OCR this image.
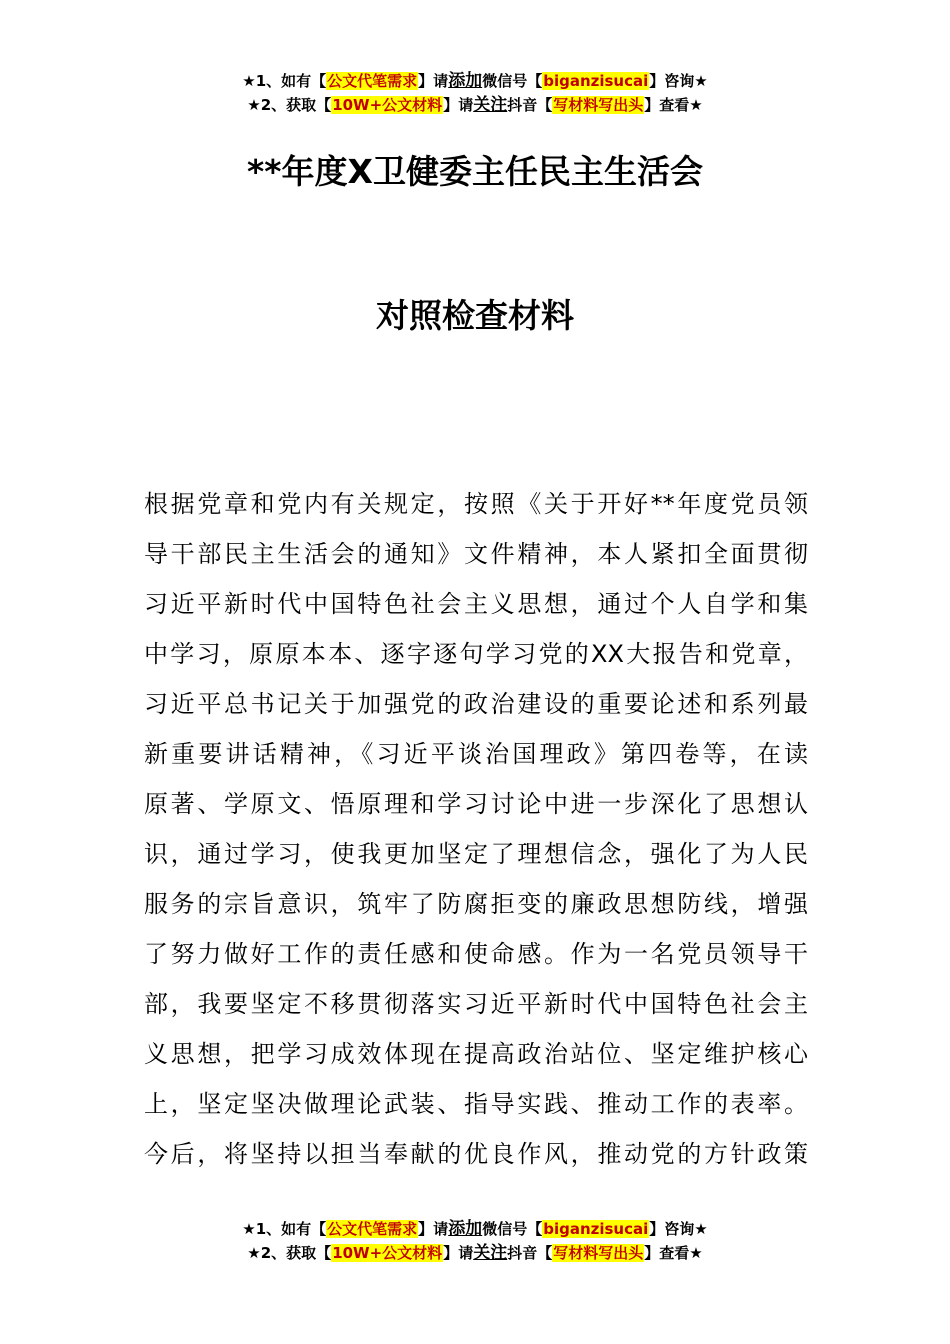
★1、如有【公文代笔需求】请添加微信号【biganzisucai】咨询★
★2、获取【10W+公文材料】请关注抖音【写材料写出头】查看★
**年度X卫健委主任民主生活会
对照检查材料
根据党章和党内有关规定，按照《关于开好**年度党员领
导干部民主生活会的通知》文件精神，本人紧扣全面贯彻
习近平新时代中国特色社会主义思想，通过个人自学和集
中学习，原原本本、逐字逐句学习党的XX大报告和党章，
习近平总书记关于加强党的政治建设的重要论述和系列最
新重要讲话精神，《习近平谈治国理政》第四卷等，在读
原著、学原文、悟原理和学习讨论中进一步深化了思想认
识，通过学习，使我更加坚定了理想信念，强化了为人民
服务的宗旨意识，筑牢了防腐拒变的廉政思想防线，增强
了努力做好工作的责任感和使命感。作为一名党员领导干
部，我要坚定不移贯彻落实习近平新时代中国特色社会主
义思想，把学习成效体现在提高政治站位、坚定维护核心
上，坚定坚决做理论武装、指导实践、推动工作的表率。
今后，将坚持以担当奉献的优良作风，推动党的方针政策
★1、如有【公文代笔需求】请添加微信号【biganzisucai】咨询★
★2、获取【10W+公文材料】请关注抖音【写材料写出头】查看★
